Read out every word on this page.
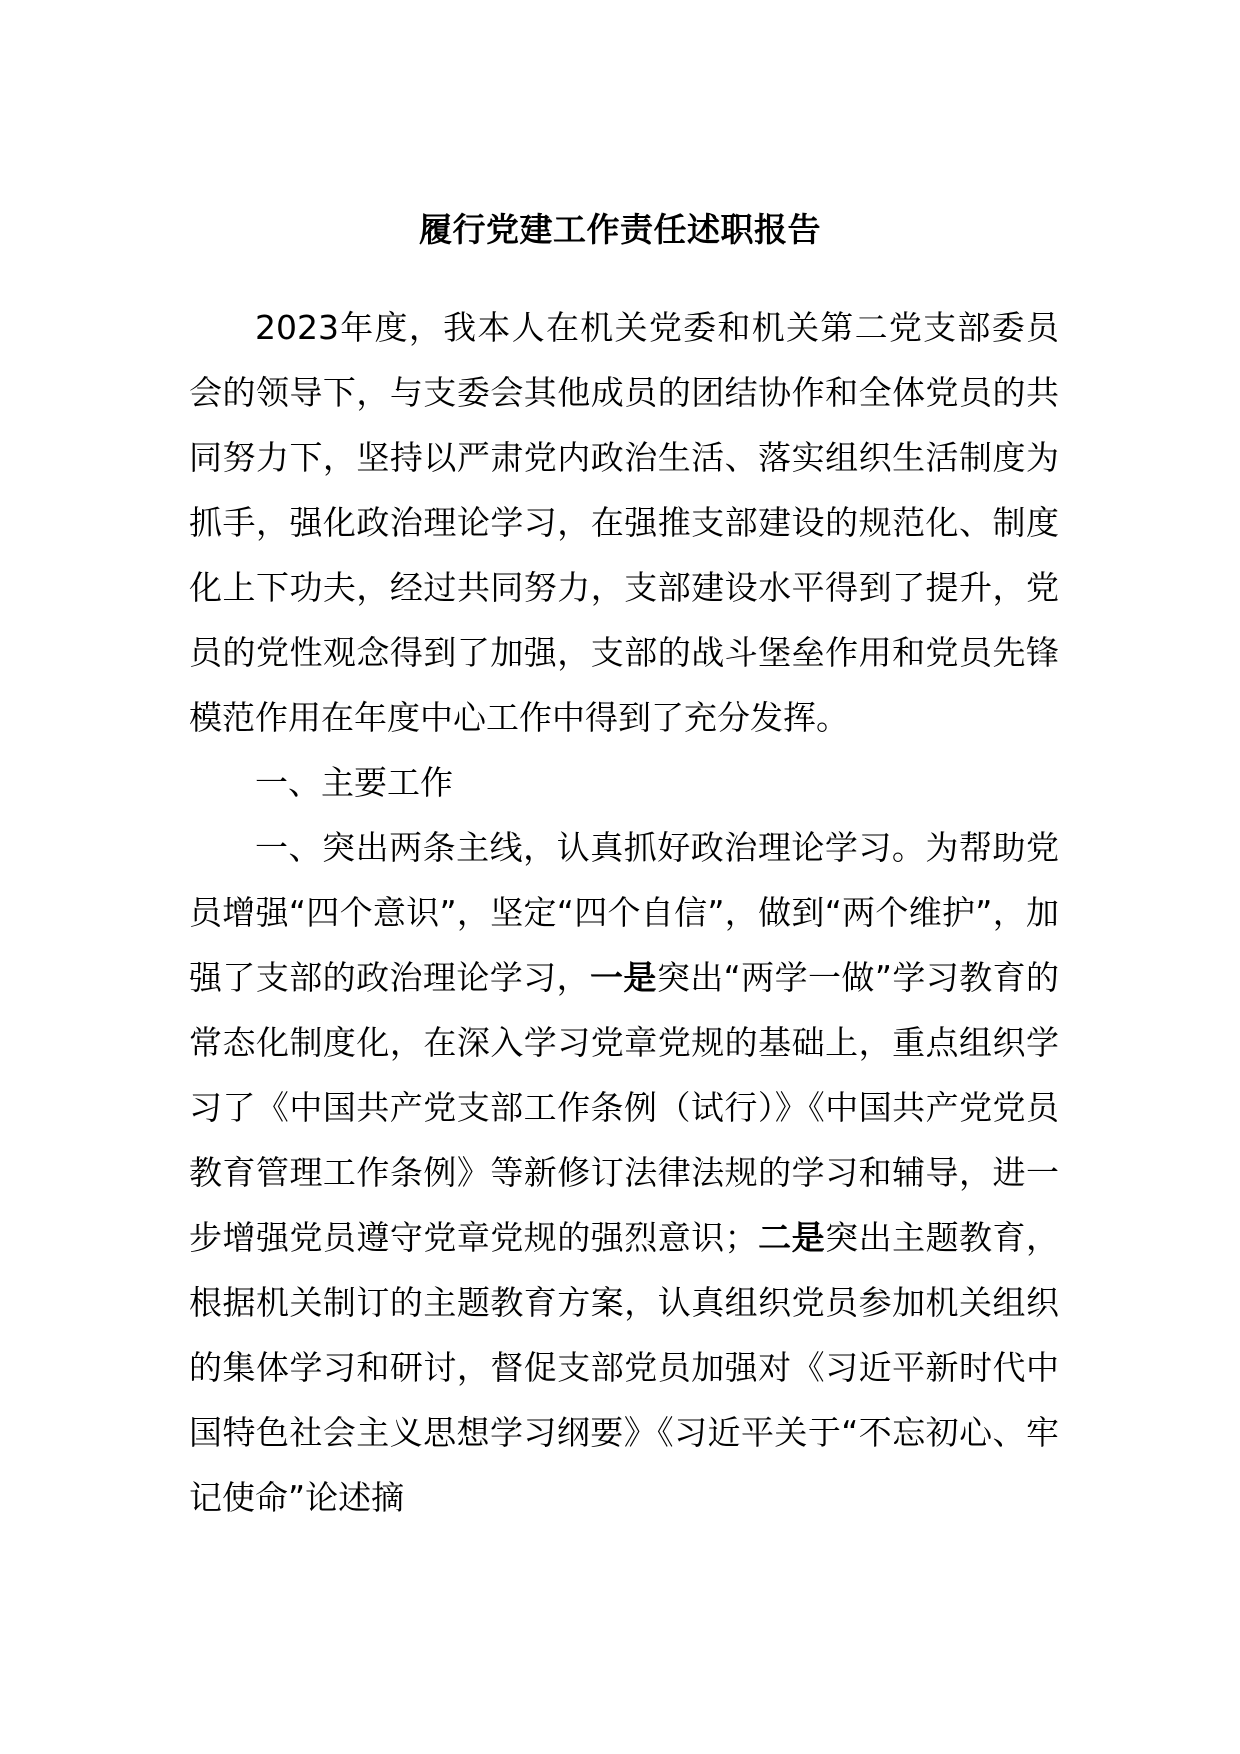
履行党建工作责任述职报告

2023年度，我本人在机关党委和机关第二党支部委员会的领导下，与支委会其他成员的团结协作和全体党员的共同努力下，坚持以严肃党内政治生活、落实组织生活制度为抓手，强化政治理论学习，在强推支部建设的规范化、制度化上下功夫，经过共同努力，支部建设水平得到了提升，党员的党性观念得到了加强，支部的战斗堡垒作用和党员先锋模范作用在年度中心工作中得到了充分发挥。

一、主要工作

一、突出两条主线，认真抓好政治理论学习。为帮助党员增强“四个意识”，坚定“四个自信”，做到“两个维护”，加强了支部的政治理论学习，一是突出“两学一做”学习教育的常态化制度化，在深入学习党章党规的基础上，重点组织学习了《中国共产党支部工作条例（试行）》《中国共产党党员教育管理工作条例》等新修订法律法规的学习和辅导，进一步增强党员遵守党章党规的强烈意识；二是突出主题教育，根据机关制订的主题教育方案，认真组织党员参加机关组织的集体学习和研讨，督促支部党员加强对《习近平新时代中国特色社会主义思想学习纲要》《习近平关于“不忘初心、牢记使命”论述摘
